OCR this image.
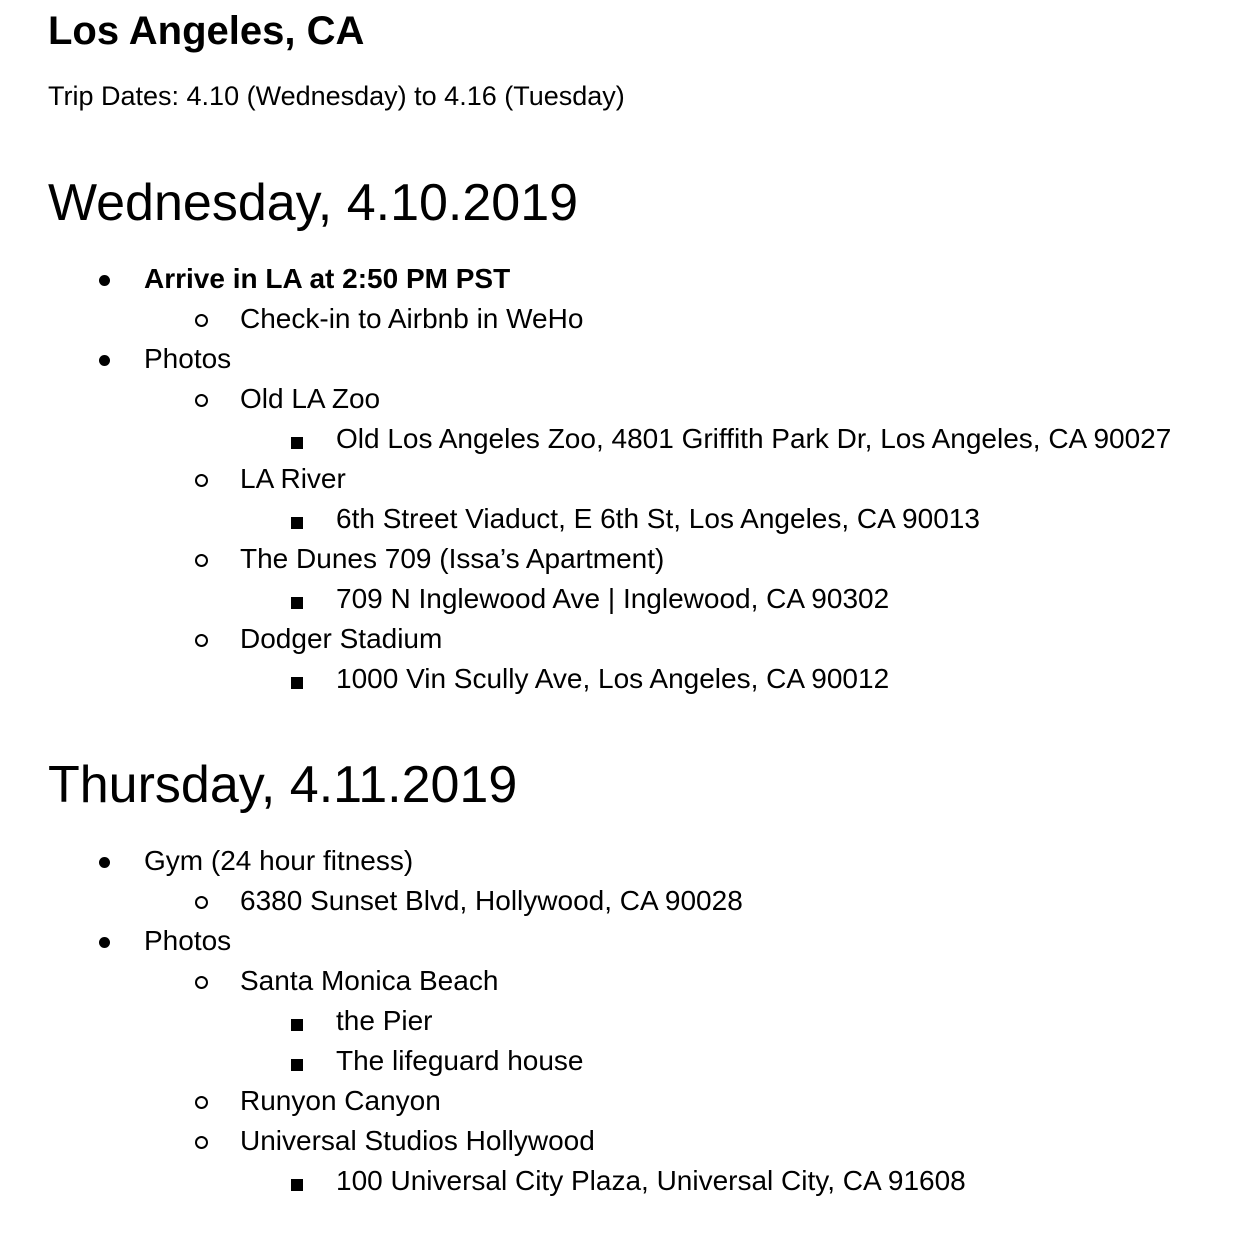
Los Angeles, CA
Trip Dates: 4.10 (Wednesday) to 4.16 (Tuesday)
Wednesday, 4.10.2019
Arrive in LA at 2:50 PM PST
Check-in to Airbnb in WeHo
Photos
Old LA Zoo
Old Los Angeles Zoo, 4801 Griffith Park Dr, Los Angeles, CA 90027
LA River
6th Street Viaduct, E 6th St, Los Angeles, CA 90013
The Dunes 709 (Issa’s Apartment)
709 N Inglewood Ave | Inglewood, CA 90302
Dodger Stadium
1000 Vin Scully Ave, Los Angeles, CA 90012
Thursday, 4.11.2019
Gym (24 hour fitness)
6380 Sunset Blvd, Hollywood, CA 90028
Photos
Santa Monica Beach
the Pier
The lifeguard house
Runyon Canyon
Universal Studios Hollywood
100 Universal City Plaza, Universal City, CA 91608
